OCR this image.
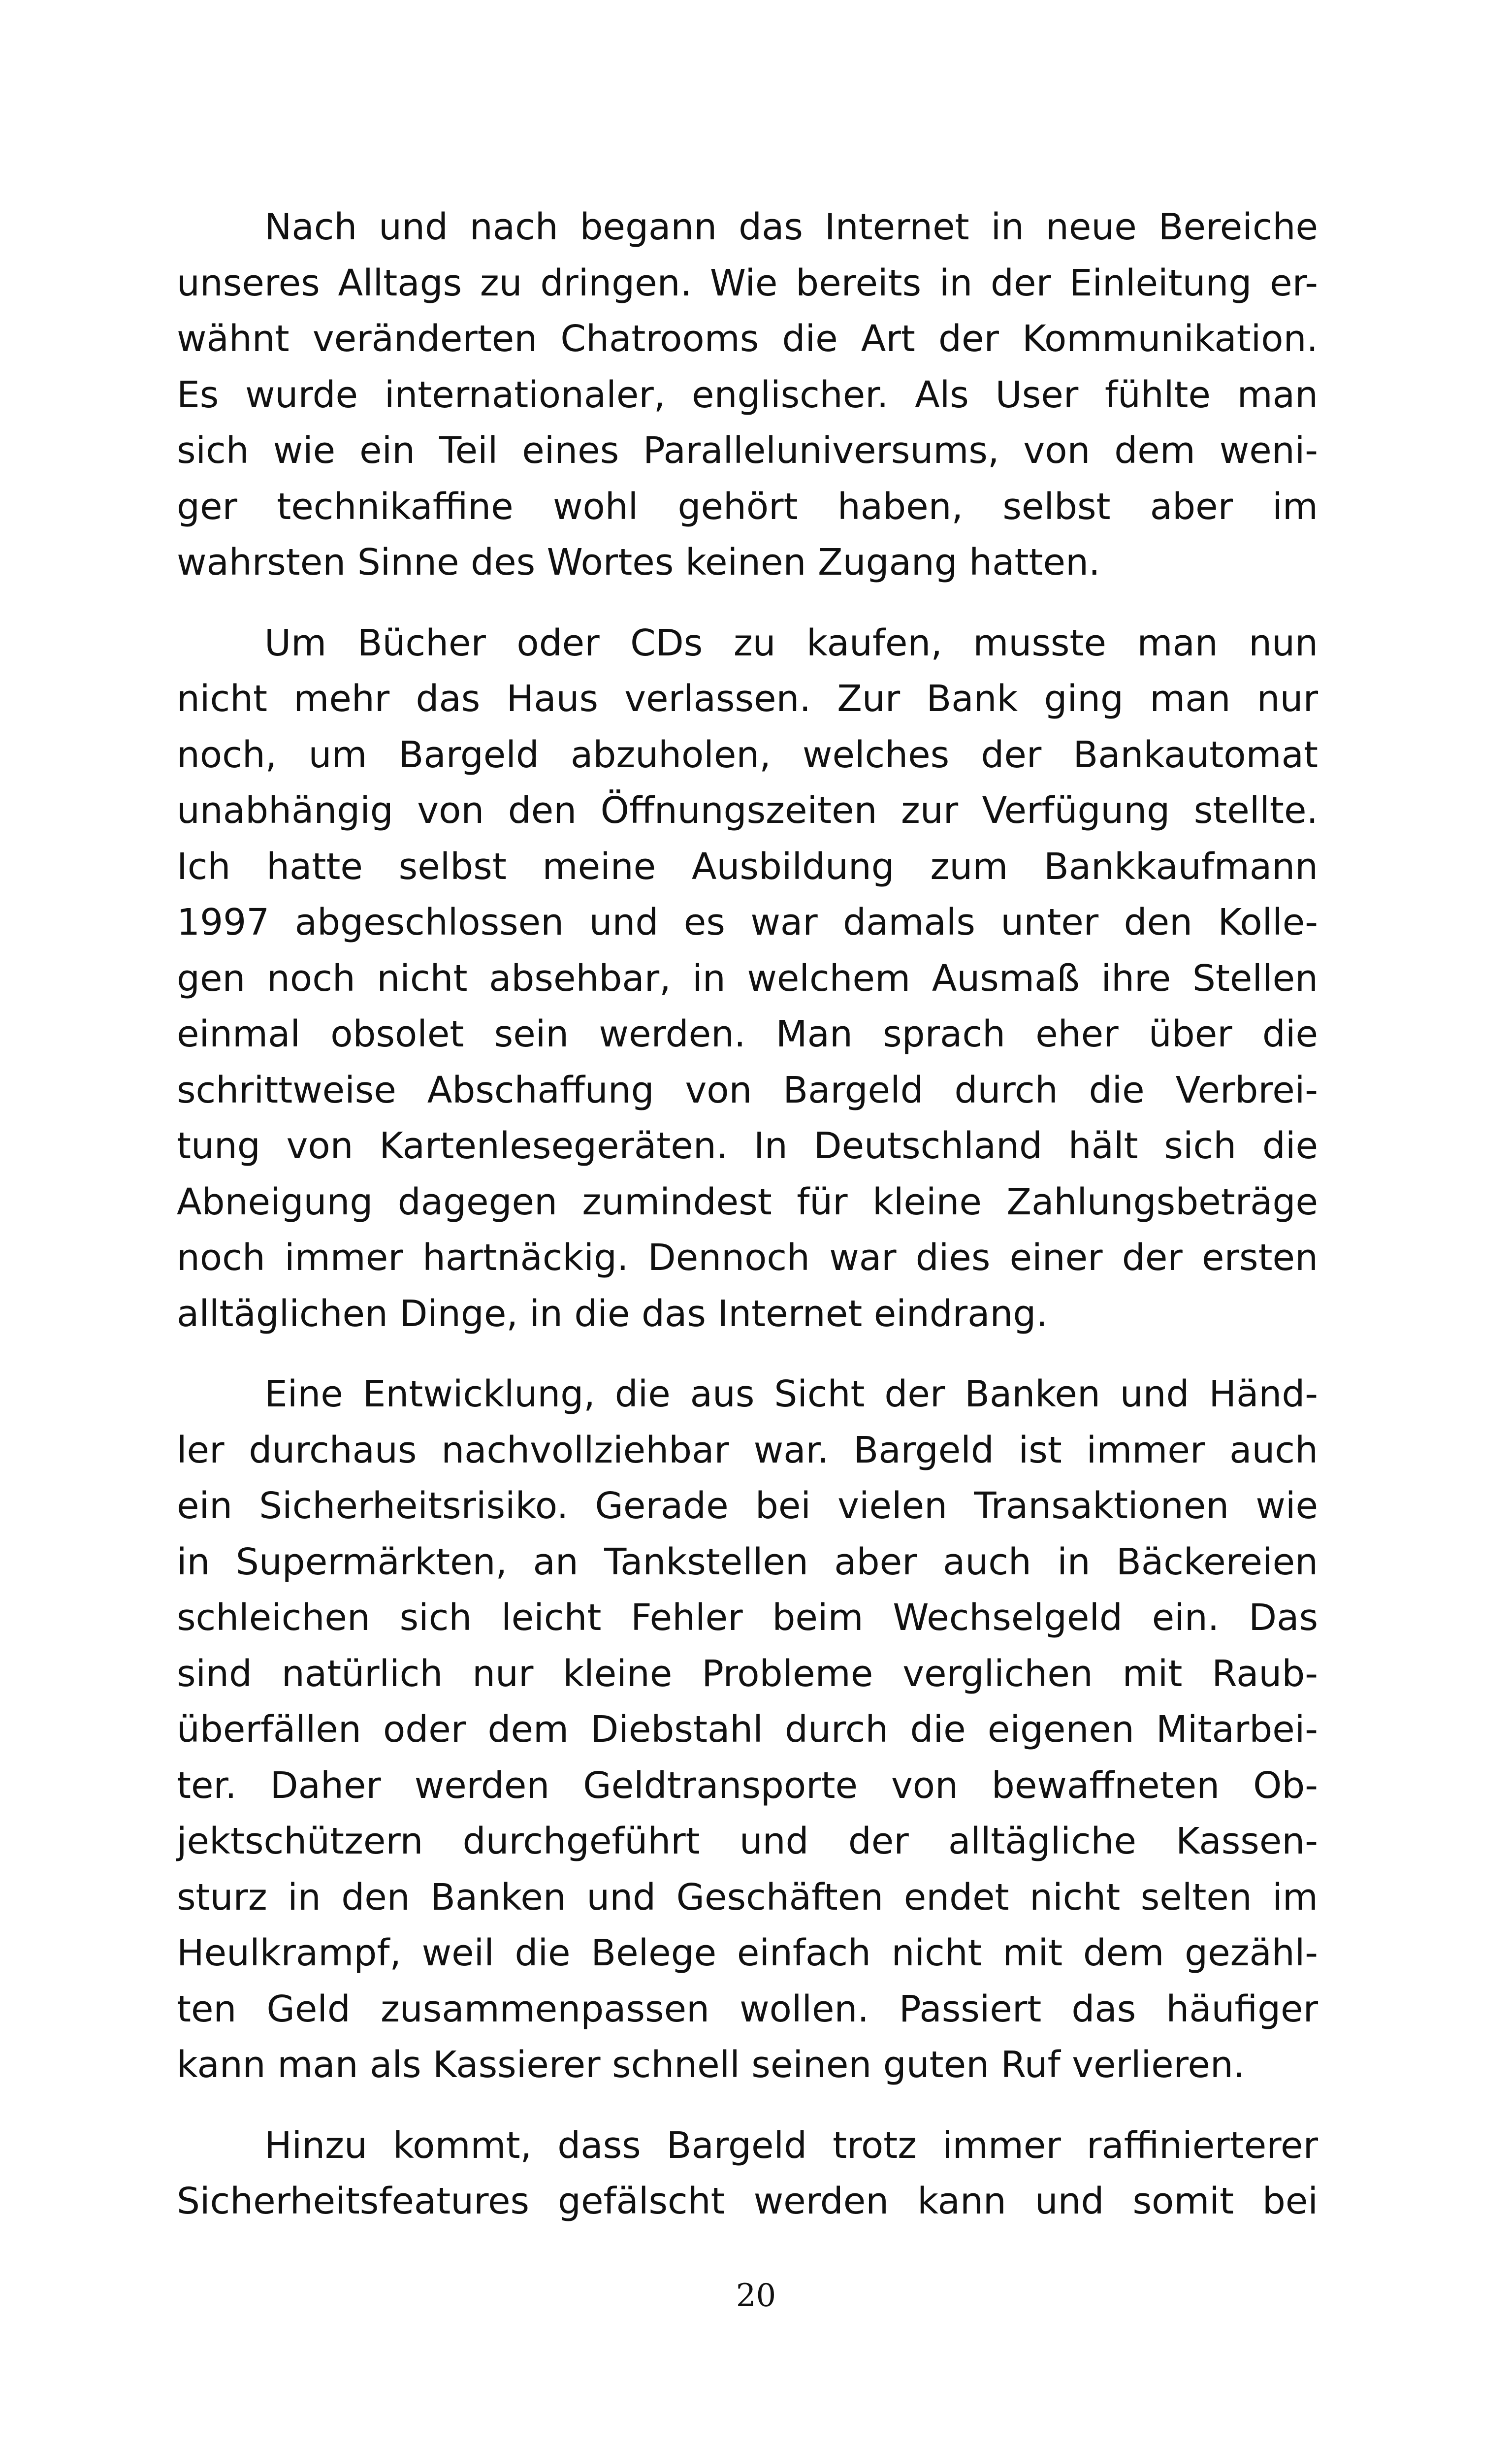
Nach und nach begann das Internet in neue Bereiche
unseres Alltags zu dringen. Wie bereits in der Einleitung er-
wähnt veränderten Chatrooms die Art der Kommunikation.
Es wurde internationaler, englischer. Als User fühlte man
sich wie ein Teil eines Paralleluniversums, von dem weni-
ger technikaffine wohl gehört haben, selbst aber im
wahrsten Sinne des Wortes keinen Zugang hatten.
Um Bücher oder CDs zu kaufen, musste man nun
nicht mehr das Haus verlassen. Zur Bank ging man nur
noch, um Bargeld abzuholen, welches der Bankautomat
unabhängig von den Öffnungszeiten zur Verfügung stellte.
Ich hatte selbst meine Ausbildung zum Bankkaufmann
1997 abgeschlossen und es war damals unter den Kolle-
gen noch nicht absehbar, in welchem Ausmaß ihre Stellen
einmal obsolet sein werden. Man sprach eher über die
schrittweise Abschaffung von Bargeld durch die Verbrei-
tung von Kartenlesegeräten. In Deutschland hält sich die
Abneigung dagegen zumindest für kleine Zahlungsbeträge
noch immer hartnäckig. Dennoch war dies einer der ersten
alltäglichen Dinge, in die das Internet eindrang.
Eine Entwicklung, die aus Sicht der Banken und Händ-
ler durchaus nachvollziehbar war. Bargeld ist immer auch
ein Sicherheitsrisiko. Gerade bei vielen Transaktionen wie
in Supermärkten, an Tankstellen aber auch in Bäckereien
schleichen sich leicht Fehler beim Wechselgeld ein. Das
sind natürlich nur kleine Probleme verglichen mit Raub-
überfällen oder dem Diebstahl durch die eigenen Mitarbei-
ter. Daher werden Geldtransporte von bewaffneten Ob-
jektschützern durchgeführt und der alltägliche Kassen-
sturz in den Banken und Geschäften endet nicht selten im
Heulkrampf, weil die Belege einfach nicht mit dem gezähl-
ten Geld zusammenpassen wollen. Passiert das häufiger
kann man als Kassierer schnell seinen guten Ruf verlieren.
Hinzu kommt, dass Bargeld trotz immer raffinierterer
Sicherheitsfeatures gefälscht werden kann und somit bei
20
